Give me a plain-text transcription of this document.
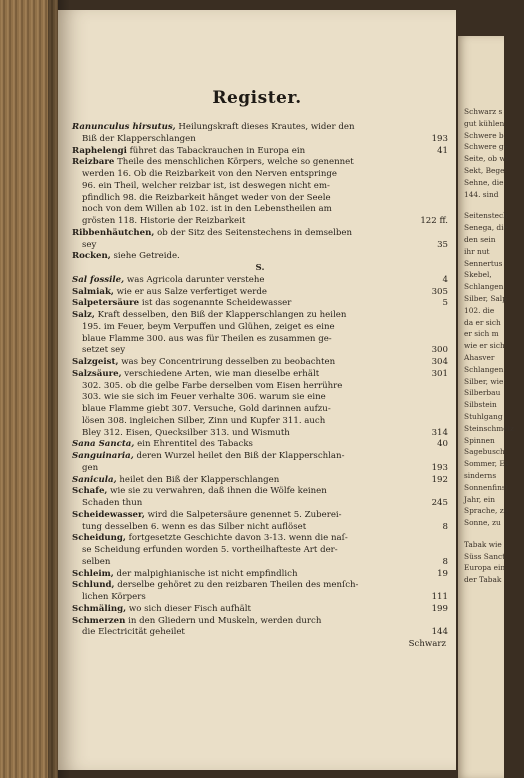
Register.
Ranunculus hirsutus, Heilungskraft dieses Krautes, wider den
Biß der Klapperschlangen	193
Raphelengi führet das Tabackrauchen in Europa ein	41
Reizbare Theile des menschlichen Körpers, welche so genennet
werden 16. Ob die Reizbarkeit von den Nerven entspringe
96. ein Theil, welcher reizbar ist, ist deswegen nicht em-
pfindlich 98. die Reizbarkeit hänget weder von der Seele
noch von dem Willen ab 102. ist in den Lebenstheilen am
grösten 118. Historie der Reizbarkeit	122 ff.
Ribbenhäutchen, ob der Sitz des Seitenstechens in demselben
sey	35
Rocken, siehe Getreide.
S.
Sal fossile, was Agricola darunter verstehe	4
Salmiak, wie er aus Salze verfertiget werde	305
Salpetersäure ist das sogenannte Scheidewasser	5
Salz, Kraft desselben, den Biß der Klapperschlangen zu heilen
195. im Feuer, beym Verpuffen und Glühen, zeiget es eine
blaue Flamme 300. aus was für Theilen es zusammen ge-
setzet sey	300
Salzgeist, was bey Concentrirung desselben zu beobachten	304
Salzsäure, verschiedene Arten, wie man dieselbe erhält	301
302. 305. ob die gelbe Farbe derselben vom Eisen herrühre
303. wie sie sich im Feuer verhalte 306. warum sie eine
blaue Flamme giebt 307. Versuche, Gold darinnen aufzu-
lösen 308. ingleichen Silber, Zinn und Kupfer 311. auch
Bley 312. Eisen, Quecksilber 313. und Wismuth	314
Sana Sancta, ein Ehrentitel des Tabacks	40
Sanguinaria, deren Wurzel heilet den Biß der Klapperschlan-
gen	193
Sanicula, heilet den Biß der Klapperschlangen	192
Schafe, wie sie zu verwahren, daß ihnen die Wölfe keinen
Schaden thun	245
Scheidewasser, wird die Salpetersäure genennet 5. Zuberei-
tung desselben 6. wenn es das Silber nicht auflöset	8
Scheidung, fortgesetzte Geschichte davon 3-13. wenn die naſ-
se Scheidung erfunden worden 5. vortheilhafteste Art der-
selben	8
Schleim, der malpighianische ist nicht empfindlich	19
Schlund, derselbe gehöret zu den reizbaren Theilen des menſch-
lichen Körpers	111
Schmäling, wo sich dieser Fisch aufhält	199
Schmerzen in den Gliedern und Muskeln, werden durch
die Electricität geheilet	144

Schwarz
Schwarz s
gut kühlen
Schwere b
Schwere ge
Seite, ob wi
Sekt, Bege
Sehne, die
144. sind
Seitenstech
Senega, die
den sein
ihr nut
Sennertus
Skebel,
Schlangen
Silber, Salp
102. die
da er sich
er sich m
wie er sich
Ahasver
Schlangen
Silber, wie
Silberbau
Silbstein
Stuhlgang
Steinschmelz
Spinnen
Sagebusch
Sommer, Es
sinderns
Sonnenfinst
Jahr, ein
Sprache, zu
Sonne, zu
Tabak wie
Süss Sanct
Europa ein
der Tabak
